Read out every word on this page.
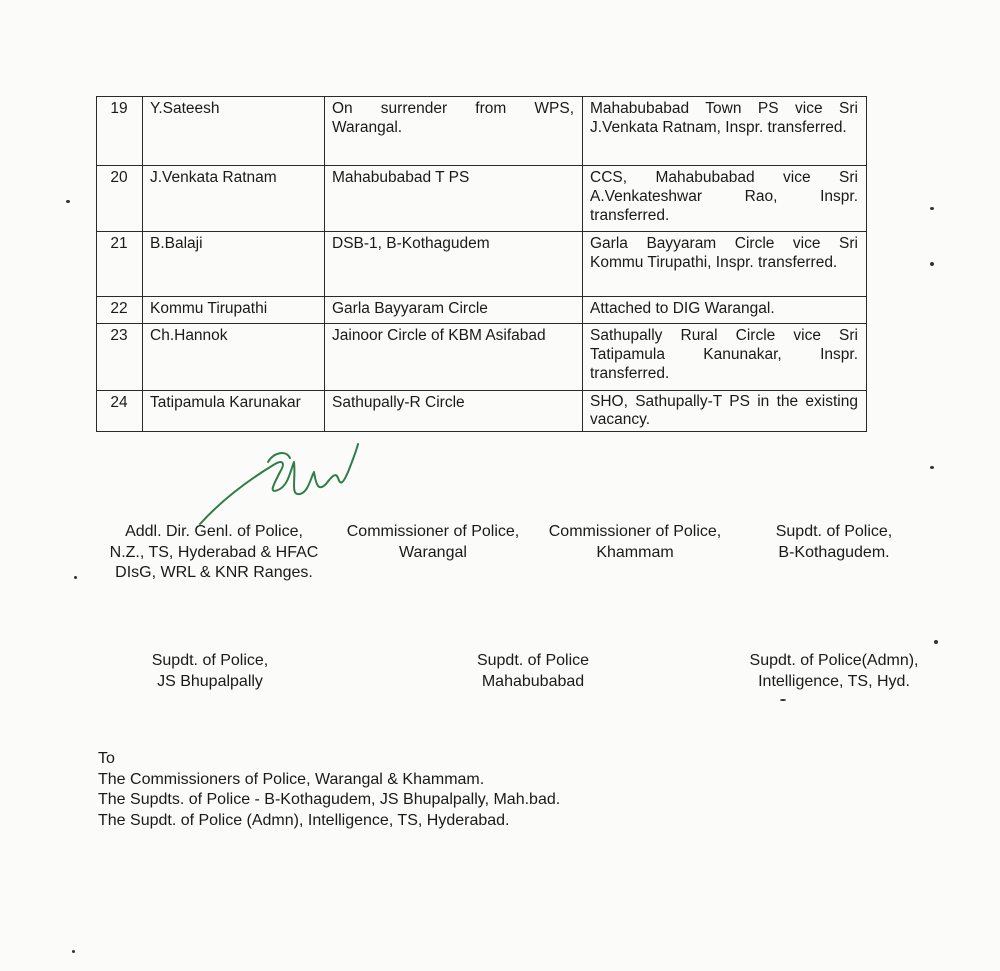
19	Y.Sateesh	On surrender from WPS, Warangal.	Mahabubabad Town PS vice Sri J.Venkata Ratnam, Inspr. transferred.
20	J.Venkata Ratnam	Mahabubabad T PS	CCS, Mahabubabad vice Sri A.Venkateshwar Rao, Inspr. transferred.
21	B.Balaji	DSB-1, B-Kothagudem	Garla Bayyaram Circle vice Sri Kommu Tirupathi, Inspr. transferred.
22	Kommu Tirupathi	Garla Bayyaram Circle	Attached to DIG Warangal.
23	Ch.Hannok	Jainoor Circle of KBM Asifabad	Sathupally Rural Circle vice Sri Tatipamula Kanunakar, Inspr. transferred.
24	Tatipamula Karunakar	Sathupally-R Circle	SHO, Sathupally-T PS in the existing vacancy.
Addl. Dir. Genl. of Police,
N.Z., TS, Hyderabad & HFAC
DIsG, WRL & KNR Ranges.
Commissioner of Police,
Warangal
Commissioner of Police,
Khammam
Supdt. of Police,
B-Kothagudem.
Supdt. of Police,
JS Bhupalpally
Supdt. of Police
Mahabubabad
Supdt. of Police(Admn),
Intelligence, TS, Hyd.
To
The Commissioners of Police, Warangal & Khammam.
The Supdts. of Police - B-Kothagudem, JS Bhupalpally, Mah.bad.
The Supdt. of Police (Admn), Intelligence, TS, Hyderabad.
